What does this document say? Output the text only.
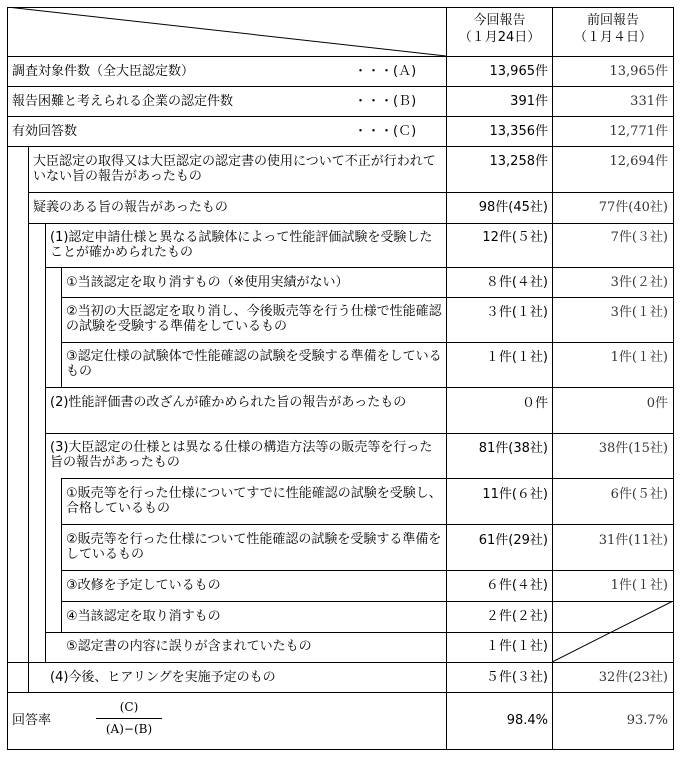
今回報告
（１月24日）
前回報告
（１月４日）
調査対象件数（全大臣認定数）	・・・(Ａ)	13,965件	13,965件
報告困難と考えられる企業の認定件数	・・・(Ｂ)	391件	331件
有効回答数	・・・(Ｃ)	13,356件	12,771件
大臣認定の取得又は大臣認定の認定書の使用について不正が行われていない旨の報告があったもの
13,258件	12,694件
疑義のある旨の報告があったもの	98件(45社)	77件(40社)
(1)認定申請仕様と異なる試験体によって性能評価試験を受験したことが確かめられたもの
12件(５社)	7件(３社)
①当該認定を取り消すもの（※使用実績がない）	８件(４社)	3件(２社)
②当初の大臣認定を取り消し、今後販売等を行う仕様で性能確認の試験を受験する準備をしているもの
３件(１社)	3件(１社)
③認定仕様の試験体で性能確認の試験を受験する準備をしているもの
１件(１社)	1件(１社)
(2)性能評価書の改ざんが確かめられた旨の報告があったもの	０件	0件
(3)大臣認定の仕様とは異なる仕様の構造方法等の販売等を行った旨の報告があったもの
81件(38社)	38件(15社)
①販売等を行った仕様についてすでに性能確認の試験を受験し、合格しているもの
11件(６社)	6件(５社)
②販売等を行った仕様について性能確認の試験を受験する準備をしているもの
61件(29社)	31件(11社)
③改修を予定しているもの	６件(４社)	1件(１社)
④当該認定を取り消すもの	２件(２社)
⑤認定書の内容に誤りが含まれていたもの	１件(１社)
(4)今後、ヒアリングを実施予定のもの	５件(３社)	32件(23社)
回答率
(C)
(A)−(B)
98.4%	93.7%
